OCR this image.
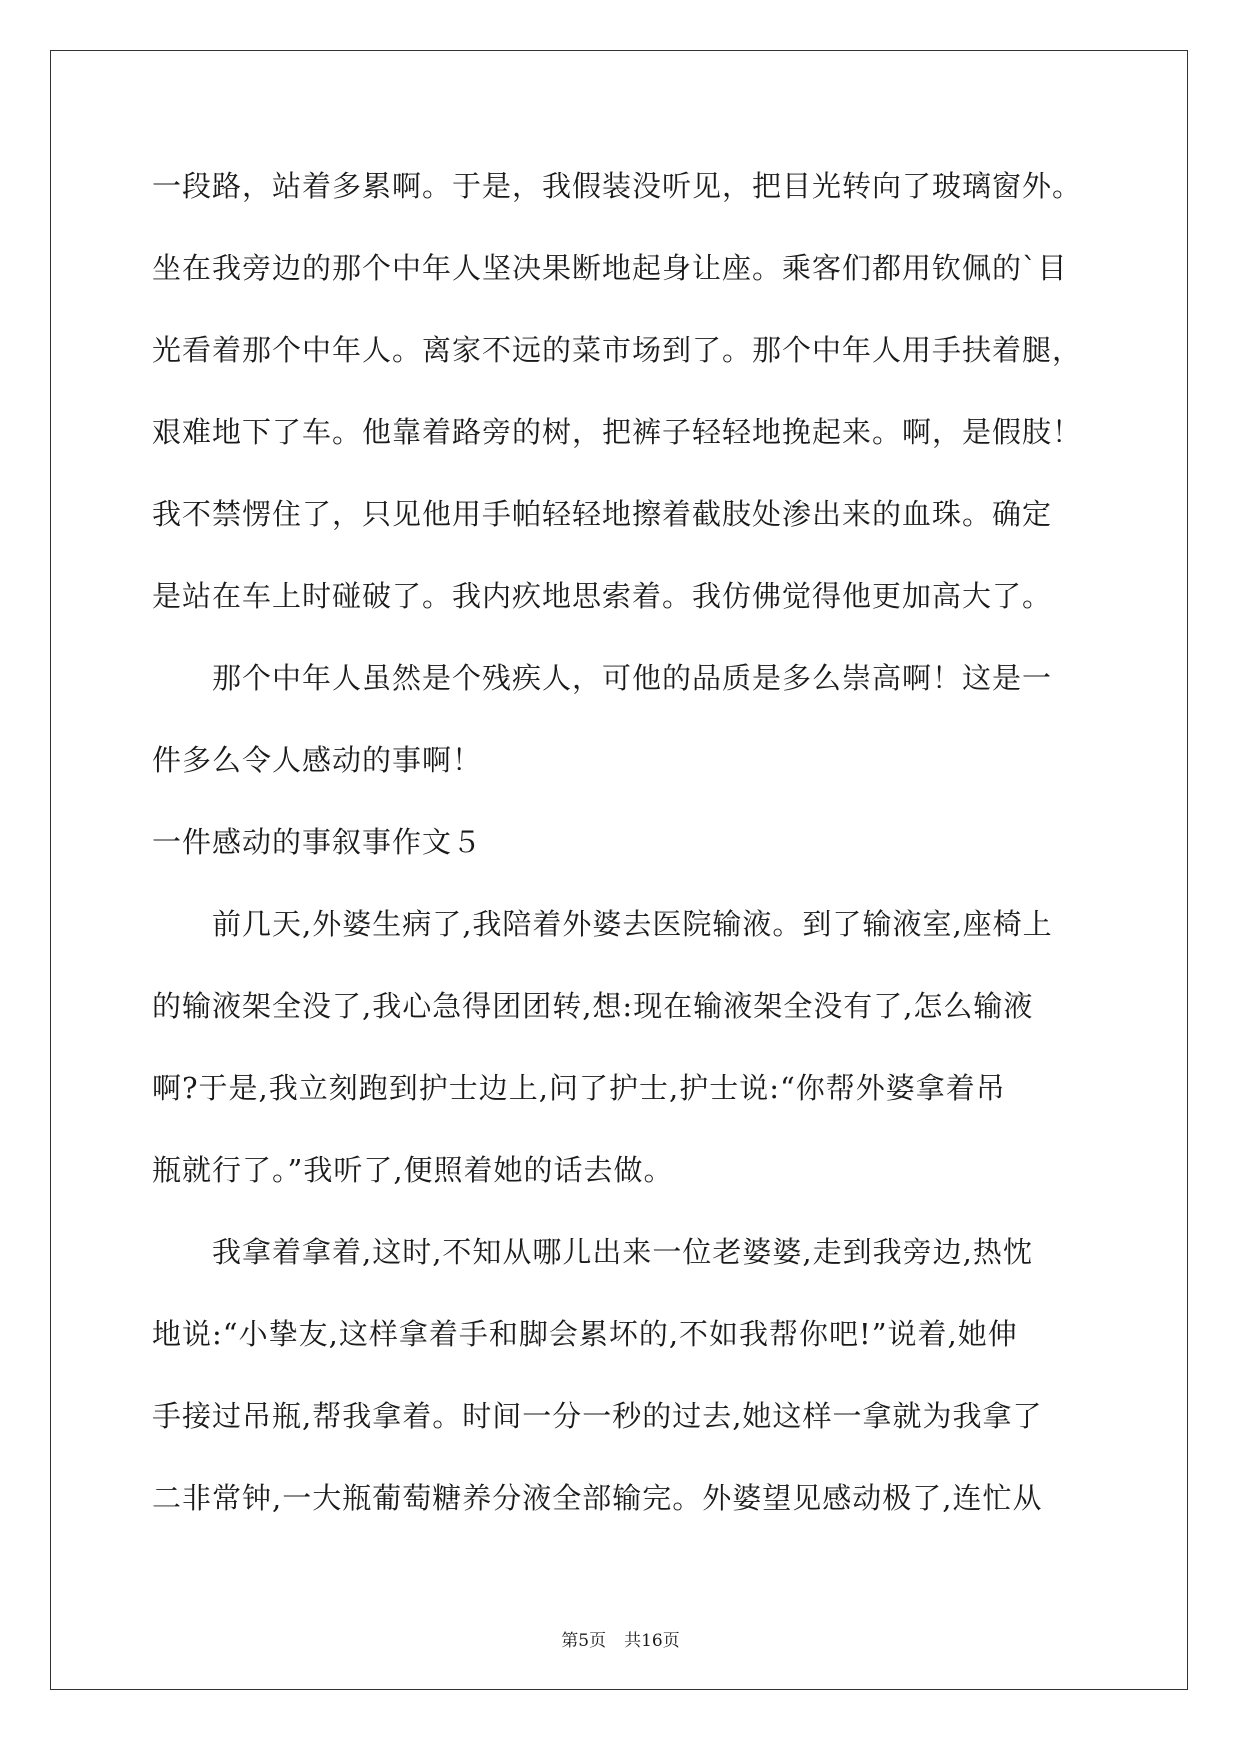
一段路，站着多累啊。于是，我假装没听见，把目光转向了玻璃窗外。
坐在我旁边的那个中年人坚决果断地起身让座。乘客们都用钦佩的`目
光看着那个中年人。离家不远的菜市场到了。那个中年人用手扶着腿，
艰难地下了车。他靠着路旁的树，把裤子轻轻地挽起来。啊，是假肢！
我不禁愣住了，只见他用手帕轻轻地擦着截肢处渗出来的血珠。确定
是站在车上时碰破了。我内疚地思索着。我仿佛觉得他更加高大了。
那个中年人虽然是个残疾人，可他的品质是多么崇高啊！这是一
件多么令人感动的事啊！
一件感动的事叙事作文５
前几天,外婆生病了,我陪着外婆去医院输液。到了输液室,座椅上
的输液架全没了,我心急得团团转,想:现在输液架全没有了,怎么输液
啊?于是,我立刻跑到护士边上,问了护士,护士说:“你帮外婆拿着吊
瓶就行了。”我听了,便照着她的话去做。
我拿着拿着,这时,不知从哪儿出来一位老婆婆,走到我旁边,热忱
地说:“小挚友,这样拿着手和脚会累坏的,不如我帮你吧!”说着,她伸
手接过吊瓶,帮我拿着。时间一分一秒的过去,她这样一拿就为我拿了
二非常钟,一大瓶葡萄糖养分液全部输完。外婆望见感动极了,连忙从
第5页 共16页
